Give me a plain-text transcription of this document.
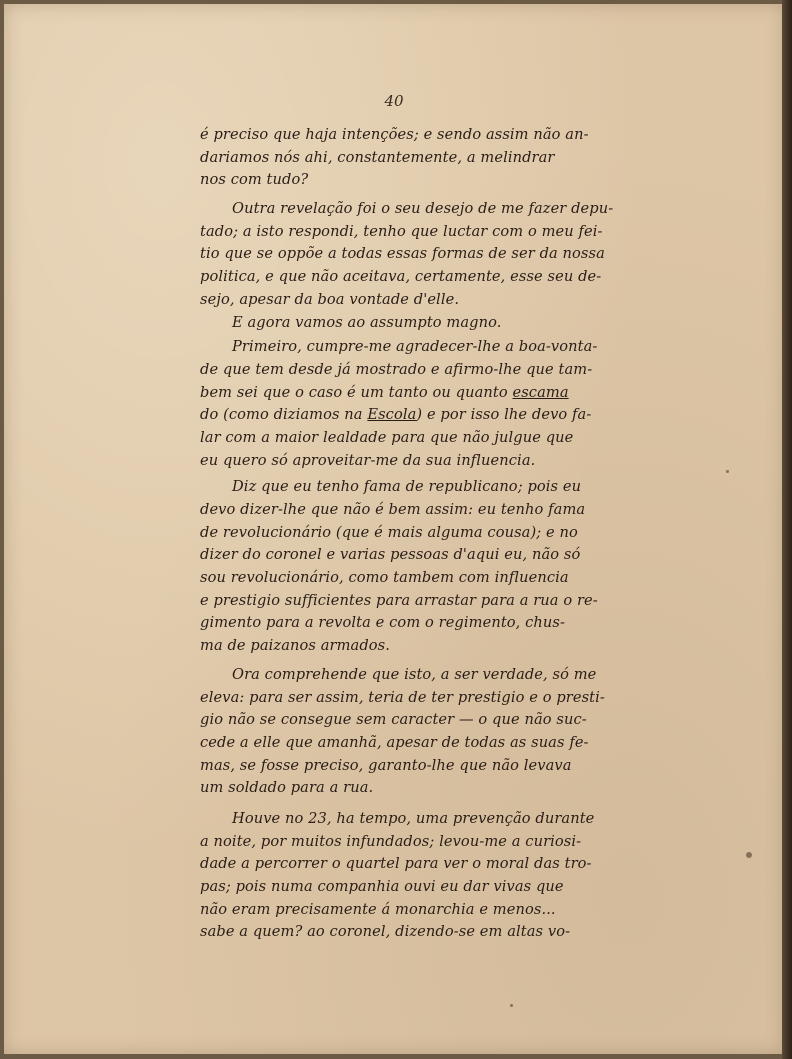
40
é preciso que haja intenções; e sendo assim não an-
dariamos nós ahi, constantemente, a melindrar
nos com tudo?
Outra revelação foi o seu desejo de me fazer depu-
tado; a isto respondi, tenho que luctar com o meu fei-
tio que se oppõe a todas essas formas de ser da nossa
politica, e que não aceitava, certamente, esse seu de-
sejo, apesar da boa vontade d'elle.
E agora vamos ao assumpto magno.
Primeiro, cumpre-me agradecer-lhe a boa-vonta-
de que tem desde já mostrado e afirmo-lhe que tam-
bem sei que o caso é um tanto ou quanto escama
do (como diziamos na Escola) e por isso lhe devo fa-
lar com a maior lealdade para que não julgue que
eu quero só aproveitar-me da sua influencia.
Diz que eu tenho fama de republicano; pois eu
devo dizer-lhe que não é bem assim: eu tenho fama
de revolucionário (que é mais alguma cousa); e no
dizer do coronel e varias pessoas d'aqui eu, não só
sou revolucionário, como tambem com influencia
e prestigio sufficientes para arrastar para a rua o re-
gimento para a revolta e com o regimento, chus-
ma de paizanos armados.
Ora comprehende que isto, a ser verdade, só me
eleva: para ser assim, teria de ter prestigio e o presti-
gio não se consegue sem caracter — o que não suc-
cede a elle que amanhã, apesar de todas as suas fe-
mas, se fosse preciso, garanto-lhe que não levava
um soldado para a rua.
Houve no 23, ha tempo, uma prevenção durante
a noite, por muitos infundados; levou-me a curiosi-
dade a percorrer o quartel para ver o moral das tro-
pas; pois numa companhia ouvi eu dar vivas que
não eram precisamente á monarchia e menos...
sabe a quem? ao coronel, dizendo-se em altas vo-
